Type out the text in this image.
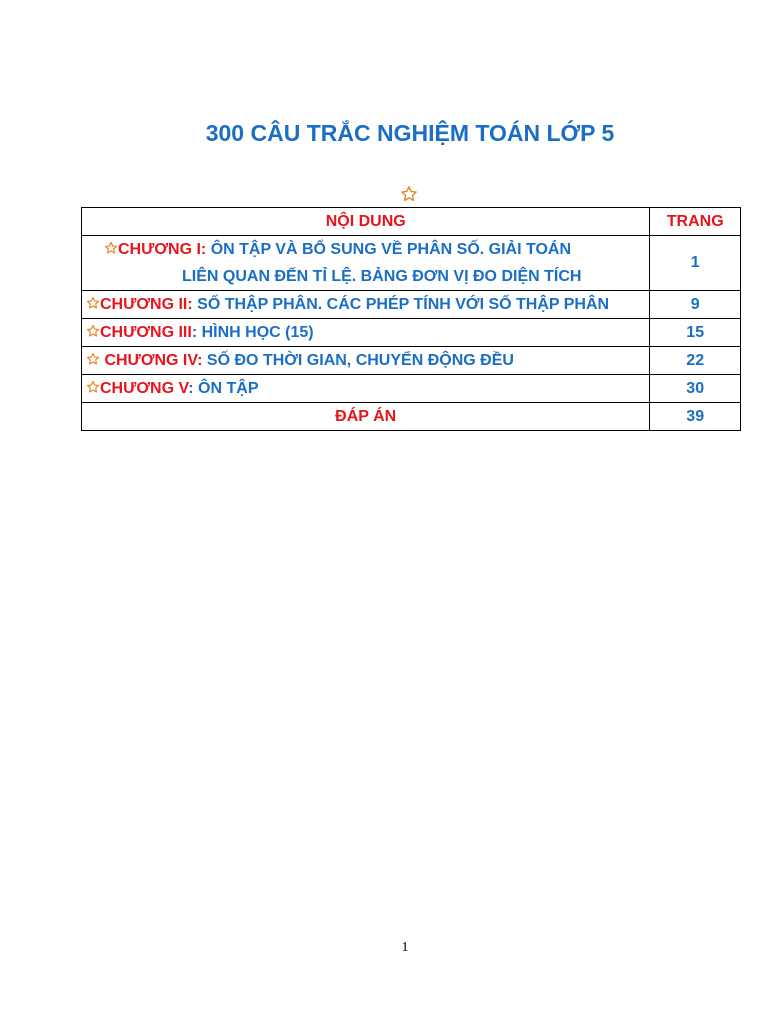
300 CÂU TRẮC NGHIỆM TOÁN LỚP 5
NỘI DUNG	TRANG

CHƯƠNG I: ÔN TẬP VÀ BỔ SUNG VỀ PHÂN SỐ. GIẢI TOÁN
LIÊN QUAN ĐẾN TỈ LỆ. BẢNG ĐƠN VỊ ĐO DIỆN TÍCH	1

CHƯƠNG II: SỐ THẬP PHÂN. CÁC PHÉP TÍNH VỚI SỐ THẬP PHÂN	9

CHƯƠNG III: HÌNH HỌC (15)	15

CHƯƠNG IV: SỐ ĐO THỜI GIAN, CHUYỂN ĐỘNG ĐỀU	22

CHƯƠNG V: ÔN TẬP	30
ĐÁP ÁN	39
1
